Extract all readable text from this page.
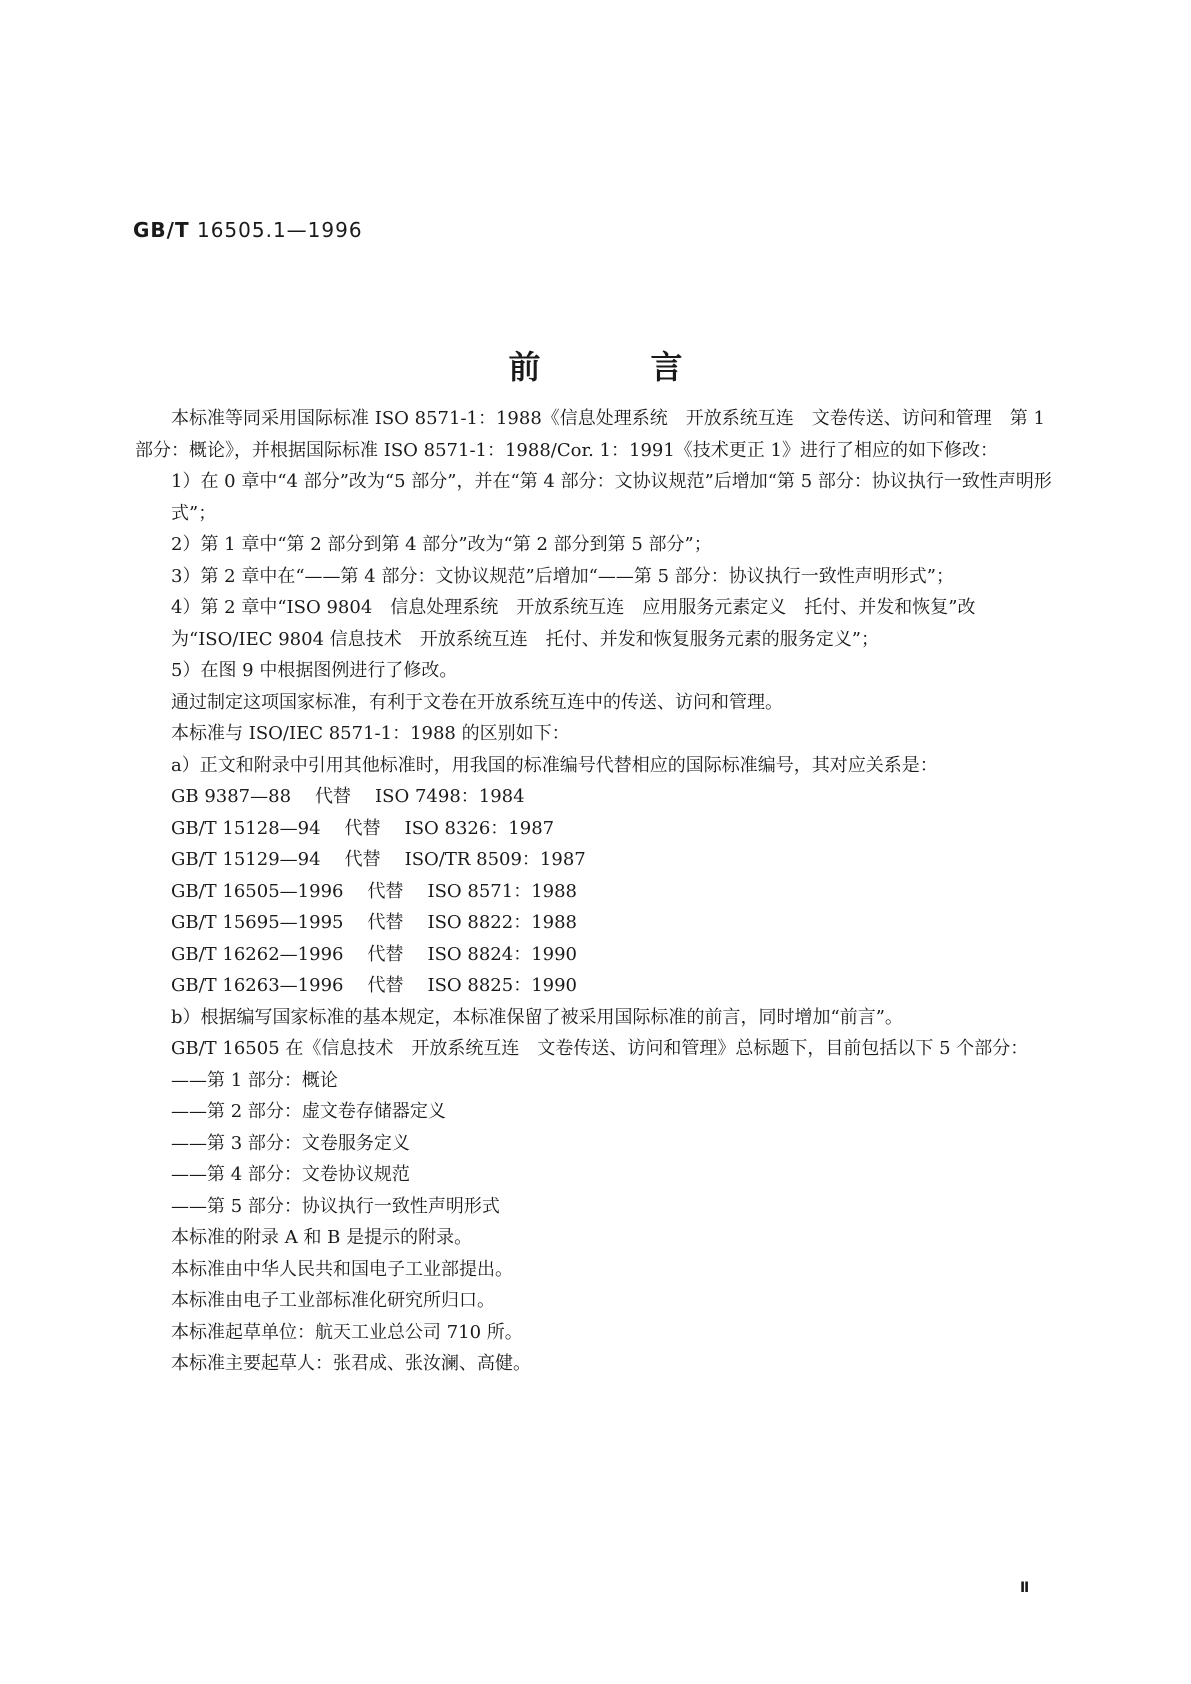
GB/T 16505.1—1996
前言

本标准等同采用国际标准 ISO 8571-1：1988《信息处理系统　开放系统互连　文卷传送、访问和管理　第 1 部分：概论》，并根据国际标准 ISO 8571-1：1988/Cor. 1：1991《技术更正 1》进行了相应的如下修改：

1）在 0 章中“4 部分”改为“5 部分”，并在“第 4 部分：文协议规范”后增加“第 5 部分：协议执行一致性声明形式”；

2）第 1 章中“第 2 部分到第 4 部分”改为“第 2 部分到第 5 部分”；

3）第 2 章中在“——第 4 部分：文协议规范”后增加“——第 5 部分：协议执行一致性声明形式”；

4）第 2 章中“ISO 9804　信息处理系统　开放系统互连　应用服务元素定义　托付、并发和恢复”改为“ISO/IEC 9804 信息技术　开放系统互连　托付、并发和恢复服务元素的服务定义”；

5）在图 9 中根据图例进行了修改。

通过制定这项国家标准，有利于文卷在开放系统互连中的传送、访问和管理。

本标准与 ISO/IEC 8571-1：1988 的区别如下：

a）正文和附录中引用其他标准时，用我国的标准编号代替相应的国际标准编号，其对应关系是：

GB 9387—88 代替 ISO 7498：1984

GB/T 15128—94 代替 ISO 8326：1987

GB/T 15129—94 代替 ISO/TR 8509：1987

GB/T 16505—1996 代替 ISO 8571：1988

GB/T 15695—1995 代替 ISO 8822：1988

GB/T 16262—1996 代替 ISO 8824：1990

GB/T 16263—1996 代替 ISO 8825：1990

b）根据编写国家标准的基本规定，本标准保留了被采用国际标准的前言，同时增加“前言”。

GB/T 16505 在《信息技术　开放系统互连　文卷传送、访问和管理》总标题下，目前包括以下 5 个部分：

——第 1 部分：概论

——第 2 部分：虚文卷存储器定义

——第 3 部分：文卷服务定义

——第 4 部分：文卷协议规范

——第 5 部分：协议执行一致性声明形式

本标准的附录 A 和 B 是提示的附录。

本标准由中华人民共和国电子工业部提出。

本标准由电子工业部标准化研究所归口。

本标准起草单位：航天工业总公司 710 所。

本标准主要起草人：张君成、张汝澜、高健。

Ⅱ
